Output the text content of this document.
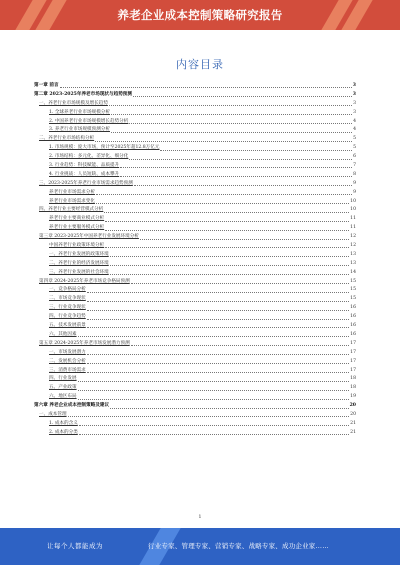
养老企业成本控制策略研究报告
内容目录
第一章 前言	3
第二章 2023-2025年养老市场现状与趋势预测	3
一、养老行业市场规模及增长趋势	3
1. 全球养老行业市场规模分析	3
2. 中国养老行业市场规模增长趋势分析	4
3. 养老行业市场规模预测分析	4
二、养老行业市场结构分析	5
1. 市场规模：庞大市场，预计至2025年超12.8万亿元	5
2. 市场结构：多元化、差异化、细分化	6
3. 行业趋势：科技赋能、品质提升	7
4. 行业挑战：人员短缺、成本攀升	8
三、2023-2025年养老行业市场需求趋势预测	9
养老行业市场需求分析	9
养老行业市场需求变化	10
四、养老行业主要经营模式分析	10
养老行业主要商业模式分析	11
养老行业主要服务模式分析	11
第三章 2023-2025年中国养老行业发展环境分析	12
中国养老行业政策环境分析	12
一、养老行业发展的政策环境	13
二、养老行业的经济发展环境	13
三、养老行业发展的社会环境	14
第四章 2024-2025年养老市场竞争格局预测	15
一、竞争格局分析	15
二、市场竞争现状	15
三、行业竞争现状	16
四、行业竞争趋势	16
五、技术发展前景	16
六、其他因素	16
第五章 2024-2025年养老市场发展潜力预测	17
一、市场发展潜力	17
二、发展机会分析	17
三、消费市场需求	17
四、行业发展	18
五、产业政策	18
六、地区布局	19
第六章 养老企业成本控制策略及建议	20
一、成本管理	20
1. 成本的含义	21
2. 成本的分类	21
1
让每个人都能成为	行业专家、管理专家、营销专家、战略专家、成功企业家……
